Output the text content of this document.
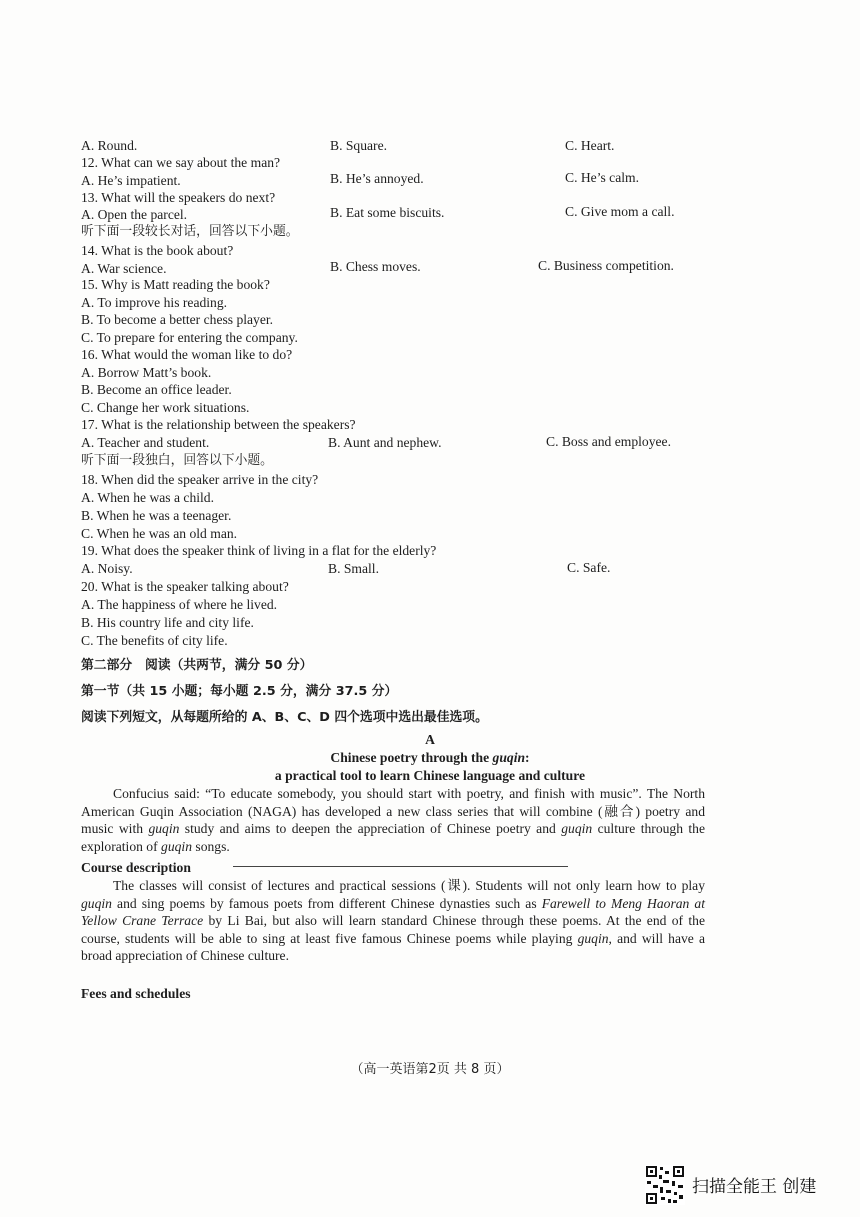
A. Round.	B. Square.	C. Heart.
12. What can we say about the man?
A. He’s impatient.	B. He’s annoyed.	C. He’s calm.
13. What will the speakers do next?
A. Open the parcel.	B. Eat some biscuits.	C. Give mom a call.
听下面一段较长对话，回答以下小题。
14. What is the book about?
A. War science.	B. Chess moves.	C. Business competition.
15. Why is Matt reading the book?
A. To improve his reading.
B. To become a better chess player.
C. To prepare for entering the company.
16. What would the woman like to do?
A. Borrow Matt’s book.
B. Become an office leader.
C. Change her work situations.
17. What is the relationship between the speakers?
A. Teacher and student.	B. Aunt and nephew.	C. Boss and employee.
听下面一段独白，回答以下小题。
18. When did the speaker arrive in the city?
A. When he was a child.
B. When he was a teenager.
C. When he was an old man.
19. What does the speaker think of living in a flat for the elderly?
A. Noisy.	B. Small.	C. Safe.
20. What is the speaker talking about?
A. The happiness of where he lived.
B. His country life and city life.
C. The benefits of city life.
第二部分　阅读（共两节，满分 50 分）
第一节（共 15 小题；每小题 2.5 分，满分 37.5 分）
阅读下列短文，从每题所给的 A、B、C、D 四个选项中选出最佳选项。
A
Chinese poetry through the guqin:
a practical tool to learn Chinese language and culture
Confucius said: “To educate somebody, you should start with poetry, and finish with music”. The North American Guqin Association (NAGA) has developed a new class series that will combine (融合) poetry and music with guqin study and aims to deepen the appreciation of Chinese poetry and guqin culture through the exploration of guqin songs.
Course description
The classes will consist of lectures and practical sessions (课). Students will not only learn how to play guqin and sing poems by famous poets from different Chinese dynasties such as Farewell to Meng Haoran at Yellow Crane Terrace by Li Bai, but also will learn standard Chinese through these poems. At the end of the course, students will be able to sing at least five famous Chinese poems while playing guqin, and will have a broad appreciation of Chinese culture.
Fees and schedules
（高一英语第2页 共 8 页）
扫描全能王 创建
